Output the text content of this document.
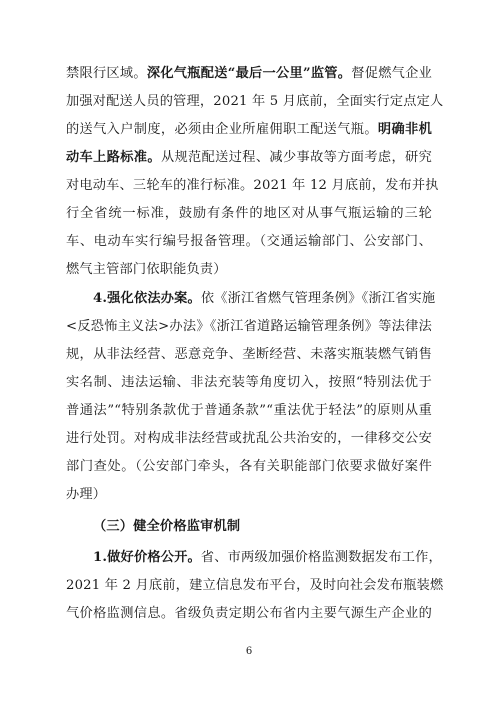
禁限行区域。深化气瓶配送“最后一公里”监管。督促燃气企业
加强对配送人员的管理，2021 年 5 月底前，全面实行定点定人
的送气入户制度，必须由企业所雇佣职工配送气瓶。明确非机
动车上路标准。从规范配送过程、减少事故等方面考虑，研究
对电动车、三轮车的准行标准。2021 年 12 月底前，发布并执
行全省统一标准，鼓励有条件的地区对从事气瓶运输的三轮
车、电动车实行编号报备管理。（交通运输部门、公安部门、
燃气主管部门依职能负责）
4.强化依法办案。依《浙江省燃气管理条例》《浙江省实施
<反恐怖主义法>办法》《浙江省道路运输管理条例》等法律法
规，从非法经营、恶意竞争、垄断经营、未落实瓶装燃气销售
实名制、违法运输、非法充装等角度切入，按照“特别法优于
普通法”“特别条款优于普通条款”“重法优于轻法”的原则从重
进行处罚。对构成非法经营或扰乱公共治安的，一律移交公安
部门查处。（公安部门牵头，各有关职能部门依要求做好案件
办理）
（三）健全价格监审机制
1.做好价格公开。省、市两级加强价格监测数据发布工作，
2021 年 2 月底前，建立信息发布平台，及时向社会发布瓶装燃
气价格监测信息。省级负责定期公布省内主要气源生产企业的
6
